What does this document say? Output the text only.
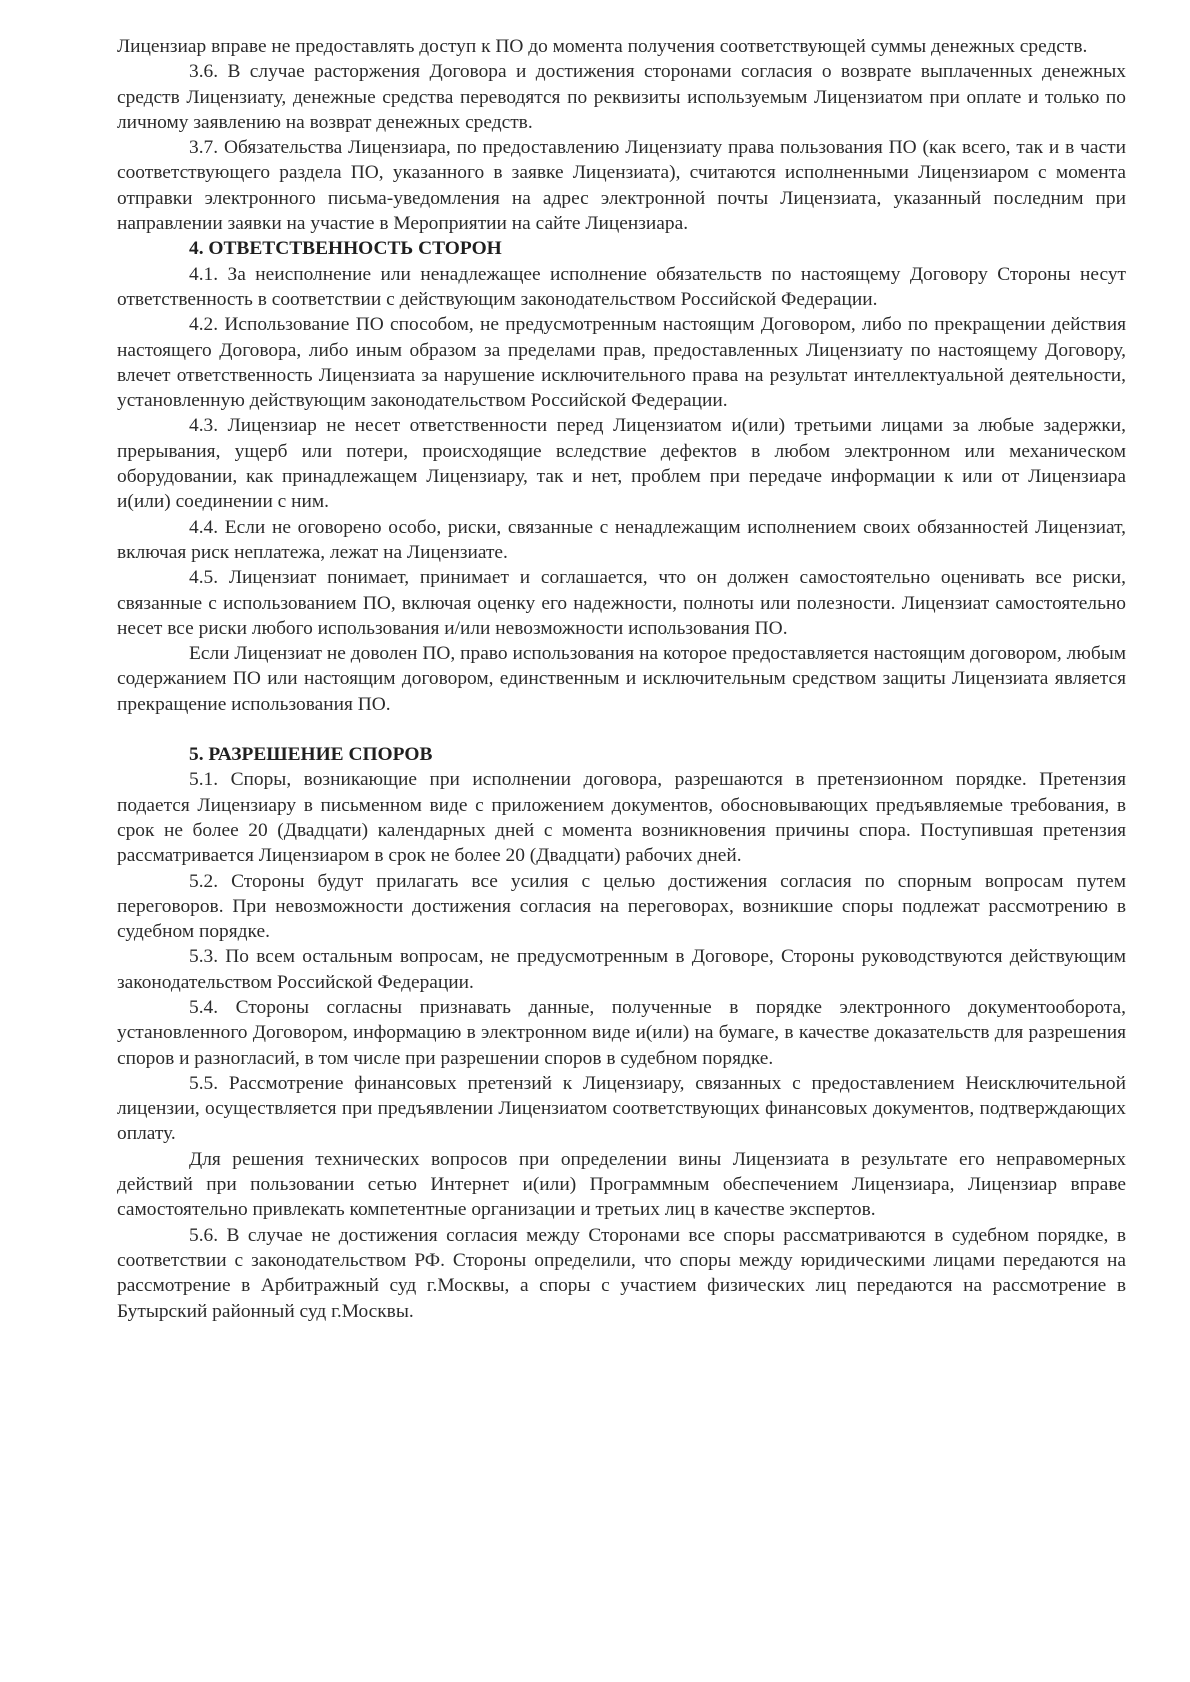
Лицензиар вправе не предоставлять доступ к ПО до момента получения соответствующей суммы денежных средств.

3.6. В случае расторжения Договора и достижения сторонами согласия о возврате выплаченных денежных средств Лицензиату, денежные средства переводятся по реквизиты используемым Лицензиатом при оплате и только по личному заявлению на возврат денежных средств.

3.7. Обязательства Лицензиара, по предоставлению Лицензиату права пользования ПО (как всего, так и в части соответствующего раздела ПО, указанного в заявке Лицензиата), считаются исполненными Лицензиаром с момента отправки электронного письма-уведомления на адрес электронной почты Лицензиата, указанный последним при направлении заявки на участие в Мероприятии на сайте Лицензиара.

4. ОТВЕТСТВЕННОСТЬ СТОРОН

4.1. За неисполнение или ненадлежащее исполнение обязательств по настоящему Договору Стороны несут ответственность в соответствии с действующим законодательством Российской Федерации.

4.2. Использование ПО способом, не предусмотренным настоящим Договором, либо по прекращении действия настоящего Договора, либо иным образом за пределами прав, предоставленных Лицензиату по настоящему Договору, влечет ответственность Лицензиата за нарушение исключительного права на результат интеллектуальной деятельности, установленную действующим законодательством Российской Федерации.

4.3. Лицензиар не несет ответственности перед Лицензиатом и(или) третьими лицами за любые задержки, прерывания, ущерб или потери, происходящие вследствие дефектов в любом электронном или механическом оборудовании, как принадлежащем Лицензиару, так и нет, проблем при передаче информации к или от Лицензиара и(или) соединении с ним.

4.4. Если не оговорено особо, риски, связанные с ненадлежащим исполнением своих обязанностей Лицензиат, включая риск неплатежа, лежат на Лицензиате.

4.5. Лицензиат понимает, принимает и соглашается, что он должен самостоятельно оценивать все риски, связанные с использованием ПО, включая оценку его надежности, полноты или полезности. Лицензиат самостоятельно несет все риски любого использования и/или невозможности использования ПО.

Если Лицензиат не доволен ПО, право использования на которое предоставляется настоящим договором, любым содержанием ПО или настоящим договором, единственным и исключительным средством защиты Лицензиата является прекращение использования ПО.

5. РАЗРЕШЕНИЕ СПОРОВ

5.1. Споры, возникающие при исполнении договора, разрешаются в претензионном порядке. Претензия подается Лицензиару в письменном виде с приложением документов, обосновывающих предъявляемые требования, в срок не более 20 (Двадцати) календарных дней с момента возникновения причины спора. Поступившая претензия рассматривается Лицензиаром в срок не более 20 (Двадцати) рабочих дней.

5.2. Стороны будут прилагать все усилия с целью достижения согласия по спорным вопросам путем переговоров. При невозможности достижения согласия на переговорах, возникшие споры подлежат рассмотрению в судебном порядке.

5.3. По всем остальным вопросам, не предусмотренным в Договоре, Стороны руководствуются действующим законодательством Российской Федерации.

5.4. Стороны согласны признавать данные, полученные в порядке электронного документооборота, установленного Договором, информацию в электронном виде и(или) на бумаге, в качестве доказательств для разрешения споров и разногласий, в том числе при разрешении споров в судебном порядке.

5.5. Рассмотрение финансовых претензий к Лицензиару, связанных с предоставлением Неисключительной лицензии, осуществляется при предъявлении Лицензиатом соответствующих финансовых документов, подтверждающих оплату.

Для решения технических вопросов при определении вины Лицензиата в результате его неправомерных действий при пользовании сетью Интернет и(или) Программным обеспечением Лицензиара, Лицензиар вправе самостоятельно привлекать компетентные организации и третьих лиц в качестве экспертов.

5.6. В случае не достижения согласия между Сторонами все споры рассматриваются в судебном порядке, в соответствии с законодательством РФ. Стороны определили, что споры между юридическими лицами передаются на рассмотрение в Арбитражный суд г.Москвы, а споры с участием физических лиц передаются на рассмотрение в Бутырский районный суд г.Москвы.
